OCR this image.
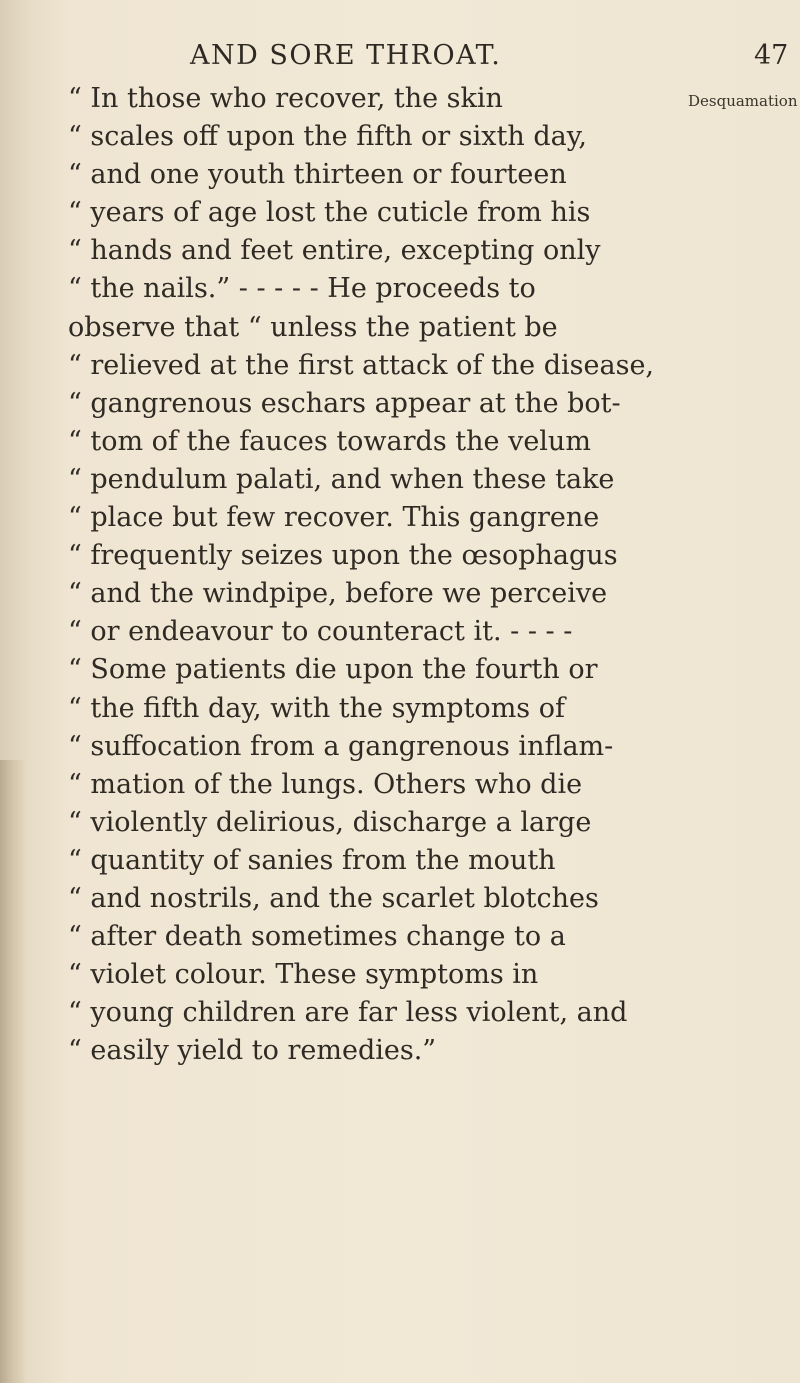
AND SORE THROAT.	47
Desquamation
“ In those who recover, the skin
“ scales off upon the fifth or sixth day,
“ and one youth thirteen or fourteen
“ years of age lost the cuticle from his
“ hands and feet entire, excepting only
“ the nails.” - - - - - He proceeds to
observe that “ unless the patient be
“ relieved at the first attack of the disease,
“ gangrenous eschars appear at the bot-
“ tom of the fauces towards the velum
“ pendulum palati, and when these take
“ place but few recover. This gangrene
“ frequently seizes upon the œsophagus
“ and the windpipe, before we perceive
“ or endeavour to counteract it. - - - -
“ Some patients die upon the fourth or
“ the fifth day, with the symptoms of
“ suffocation from a gangrenous inflam-
“ mation of the lungs. Others who die
“ violently delirious, discharge a large
“ quantity of sanies from the mouth
“ and nostrils, and the scarlet blotches
“ after death sometimes change to a
“ violet colour. These symptoms in
“ young children are far less violent, and
“ easily yield to remedies.”
